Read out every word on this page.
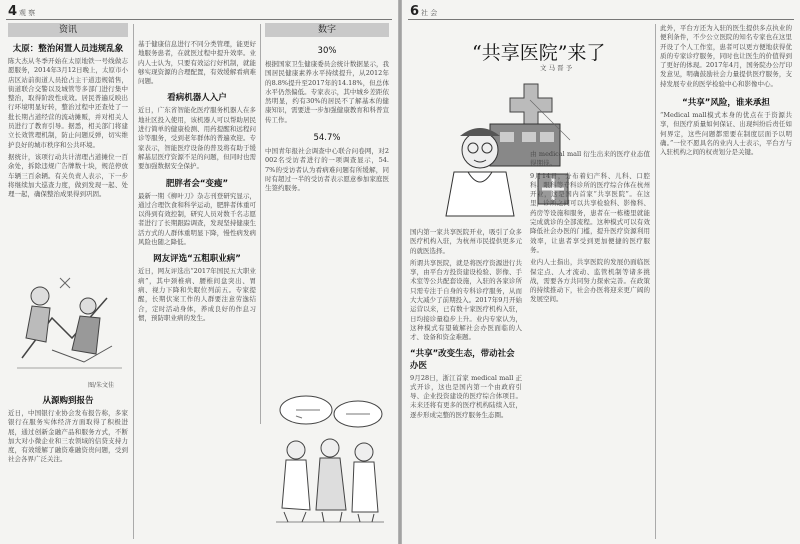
4 观 察
资讯
太原：整治闲置人员违规乱象
陈大杰从冬季开始在太原地铁一号线做志愿服务，2014年3月12日晚上，太原市小店区站前街道人员抢占主干道违规销售，街道联合交警以及城管等多部门进行集中整治，取得阶段性成效。居民普遍反映出行环境明显好转，整治过程中还查处了一批长期占道经营的流动摊贩，并对相关人员进行了教育引导。据悉，相关部门将建立长效管理机制，防止问题反弹，切实维护良好的城市秩序和公共环境。
据统计，该项行动共计清理占道摊位一百余处，拆除违规广告牌数十块，规范停放车辆三百余辆。有关负责人表示，下一步将继续加大巡查力度，做到发现一起、处理一起，确保整治成果得到巩固。
图/朱文佳
从源购到报告
近日，中国银行业协会发布报告称，多家银行在服务实体经济方面取得了积极进展，通过创新金融产品和服务方式，不断加大对小微企业和三农领域的信贷支持力度，有效缓解了融资难融资贵问题，受到社会各界广泛关注。
基于健康信息进行不同分类管理，能更好地服务患者，在就医过程中提升效率。业内人士认为，只要有效运行好机制，就能够实现资源的合理配置，有效缓解看病难问题。
看病机器人入户
近日，广东省智能化医疗服务机器人在多地社区投入使用，该机器人可以帮助居民进行简单的健康检测、用药提醒和远程问诊等服务，受到老年群体的普遍欢迎。专家表示，智能医疗设备的普及将有助于缓解基层医疗资源不足的问题，但同时也需要加强数据安全保护。
肥胖者会“变瘦”
最新一期《柳叶刀》杂志刊登研究显示，通过合理饮食和科学运动，肥胖者体重可以得到有效控制，研究人员对数千名志愿者进行了长期跟踪调查，发现坚持健康生活方式的人群体重明显下降，慢性病发病风险也随之降低。
网友评选“五粗职业病”
近日，网友评选出“2017年国民五大职业病”，其中颈椎病、腰椎间盘突出、胃病、视力下降和失眠位列前五。专家提醒，长期伏案工作的人群要注意劳逸结合，定时活动身体，养成良好的作息习惯，预防职业病的发生。
数字
30%
根据国家卫生健康委员会统计数据显示，我国居民健康素养水平持续提升，从2012年的8.8%提升至2017年的14.18%，但总体水平仍然偏低。专家表示，其中城乡差距依然明显，约有30%的居民不了解基本的健康知识，需要进一步加强健康教育和科普宣传工作。
54.7%
中国青年报社会调查中心联合问卷网，对2002名受访者进行的一项调查显示，54.7%的受访者认为看病难问题有所缓解，同时有超过一半的受访者表示愿意参加家庭医生签约服务。
6 社 会
“共享医院”来了
文 马 晋 予
国内第一家共享医院开业，吸引了众多医疗机构入驻，为杭州市民提供更多元的就医选择。
所谓共享医院，就是将医疗资源进行共享，由平台方投资建设检验、影像、手术室等公共配套设施，入驻的各家诊所只需专注于自身的专科诊疗服务，从而大大减少了前期投入。2017年9月开始运营以来，已有数十家医疗机构入驻，日均接诊量稳步上升。业内专家认为，这种模式有望破解社会办医面临的人才、设备和资金难题。
“共享”改变生态，带动社会办医
9月28日，浙江首家 medical mall 正式开诊，这也是国内第一个由政府引导、企业投资建设的医疗综合体项目。未来还将有更多的医疗机构陆续入驻，逐步形成完整的医疗服务生态圈。
由 medical mall 衍生出来的医疗业态值得期待。
9月14日，分布着妇产科、儿科、口腔科、眼科等专科诊所的医疗综合体在杭州开业，这是国内首家“共享医院”。在这里，诊所之间可以共享检验科、影像科、药房等设施和服务，患者在一栋楼里就能完成就诊的全部流程。这种模式可以有效降低社会办医的门槛，提升医疗资源利用效率，让患者享受到更加便捷的医疗服务。
业内人士指出，共享医院的发展仍面临医保定点、人才流动、监管机制等诸多挑战，需要各方共同努力探索完善。在政策的持续推动下，社会办医将迎来更广阔的发展空间。
此外，平台方还为入驻的医生提供多点执业的便利条件，不少公立医院的知名专家也在这里开设了个人工作室，患者可以更方便地获得优质的专家诊疗服务，同时也让医生的价值得到了更好的体现。2017年4月，国务院办公厅印发意见，明确鼓励社会力量提供医疗服务，支持发展专业的医学检验中心和影像中心。
“共享”风险，谁来承担
“Medical mall模式本身的优点在于资源共享，但医疗质量如何保证、出现纠纷后责任如何界定，这些问题都需要在制度层面予以明确。”一位不愿具名的业内人士表示，平台方与入驻机构之间的权责划分是关键。
